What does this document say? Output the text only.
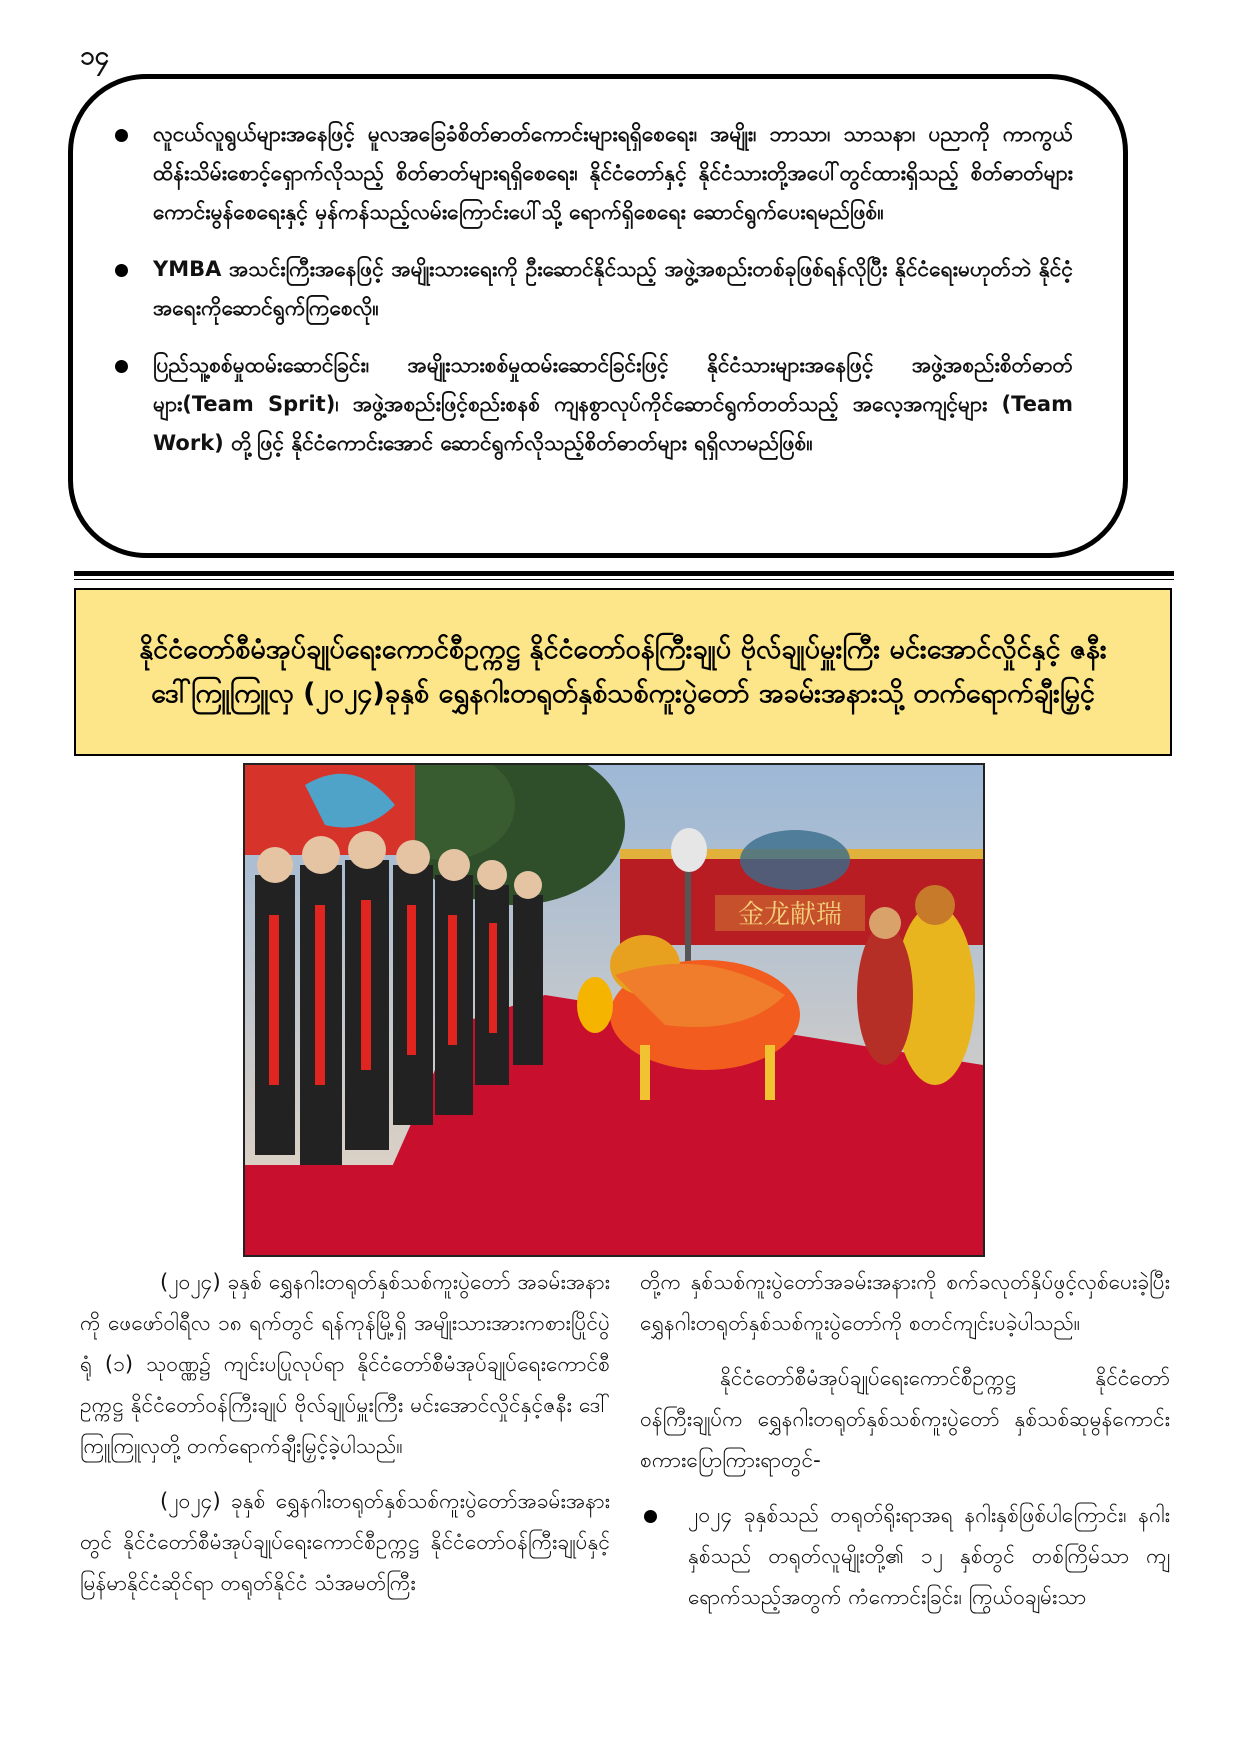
၁၄
လူငယ်လူရွယ်များအနေဖြင့် မူလအခြေခံစိတ်ဓာတ်ကောင်းများရရှိစေရေး၊ အမျိုး၊ ဘာသာ၊ သာသနာ၊ ပညာကို ကာကွယ်ထိန်းသိမ်းစောင့်ရှောက်လိုသည့် စိတ်ဓာတ်များရရှိစေရေး၊ နိုင်ငံတော်နှင့် နိုင်ငံသားတို့အပေါ်တွင်ထားရှိသည့် စိတ်ဓာတ်များကောင်းမွန်စေရေးနှင့် မှန်ကန်သည့်လမ်းကြောင်းပေါ်သို့ ရောက်ရှိစေရေး ဆောင်ရွက်ပေးရမည်ဖြစ်။
YMBA အသင်းကြီးအနေဖြင့် အမျိုးသားရေးကို ဦးဆောင်နိုင်သည့် အဖွဲ့အစည်းတစ်ခုဖြစ်ရန်လိုပြီး နိုင်ငံရေးမဟုတ်ဘဲ နိုင်ငံ့အရေးကိုဆောင်ရွက်ကြစေလို။
ပြည်သူ့စစ်မှုထမ်းဆောင်ခြင်း၊ အမျိုးသားစစ်မှုထမ်းဆောင်ခြင်းဖြင့် နိုင်ငံသားများအနေဖြင့် အဖွဲ့အစည်းစိတ်ဓာတ်များ(Team Sprit)၊ အဖွဲ့အစည်းဖြင့်စည်းစနစ် ကျနစွာလုပ်ကိုင်ဆောင်ရွက်တတ်သည့် အလေ့အကျင့်များ (Team Work) တို့ဖြင့် နိုင်ငံကောင်းအောင် ဆောင်ရွက်လိုသည့်စိတ်ဓာတ်များ ရရှိလာမည်ဖြစ်။
နိုင်ငံတော်စီမံအုပ်ချုပ်ရေးကောင်စီဥက္ကဋ္ဌ နိုင်ငံတော်ဝန်ကြီးချုပ် ဗိုလ်ချုပ်မှူးကြီး မင်းအောင်လှိုင်နှင့် ဇနီး ဒေါ်ကြူကြူလှ (၂၀၂၄)ခုနှစ် ရွှေနဂါးတရုတ်နှစ်သစ်ကူးပွဲတော် အခမ်းအနားသို့ တက်ရောက်ချီးမြှင့်
金龙献瑞

(၂၀၂၄) ခုနှစ် ရွှေနဂါးတရုတ်နှစ်သစ်ကူးပွဲတော် အခမ်းအနားကို ဖေဖော်ဝါရီလ ၁၈ ရက်တွင် ရန်ကုန်မြို့ရှိ အမျိုးသားအားကစားပြိုင်ပွဲရုံ (၁) သုဝဏ္ဏ၌ ကျင်းပပြုလုပ်ရာ နိုင်ငံတော်စီမံအုပ်ချုပ်ရေးကောင်စီဥက္ကဋ္ဌ နိုင်ငံတော်ဝန်ကြီးချုပ် ဗိုလ်ချုပ်မှူးကြီး မင်းအောင်လှိုင်နှင့်ဇနီး ဒေါ်ကြူကြူလှတို့ တက်ရောက်ချီးမြှင့်ခဲ့ပါသည်။

(၂၀၂၄) ခုနှစ် ရွှေနဂါးတရုတ်နှစ်သစ်ကူးပွဲတော်အခမ်းအနားတွင် နိုင်ငံတော်စီမံအုပ်ချုပ်ရေးကောင်စီဥက္ကဋ္ဌ နိုင်ငံတော်ဝန်ကြီးချုပ်နှင့် မြန်မာနိုင်ငံဆိုင်ရာ တရုတ်နိုင်ငံ သံအမတ်ကြီး

တို့က နှစ်သစ်ကူးပွဲတော်အခမ်းအနားကို စက်ခလုတ်နှိပ်ဖွင့်လှစ်ပေးခဲ့ပြီး ရွှေနဂါးတရုတ်နှစ်သစ်ကူးပွဲတော်ကို စတင်ကျင်းပခဲ့ပါသည်။

နိုင်ငံတော်စီမံအုပ်ချုပ်ရေးကောင်စီဥက္ကဋ္ဌ နိုင်ငံတော်ဝန်ကြီးချုပ်က ရွှေနဂါးတရုတ်နှစ်သစ်ကူးပွဲတော် နှစ်သစ်ဆုမွန်ကောင်းစကားပြောကြားရာတွင်-

၂၀၂၄ ခုနှစ်သည် တရုတ်ရိုးရာအရ နဂါးနှစ်ဖြစ်ပါကြောင်း၊ နဂါးနှစ်သည် တရုတ်လူမျိုးတို့၏ ၁၂ နှစ်တွင် တစ်ကြိမ်သာ ကျရောက်သည့်အတွက် ကံကောင်းခြင်း၊ ကြွယ်ဝချမ်းသာ
